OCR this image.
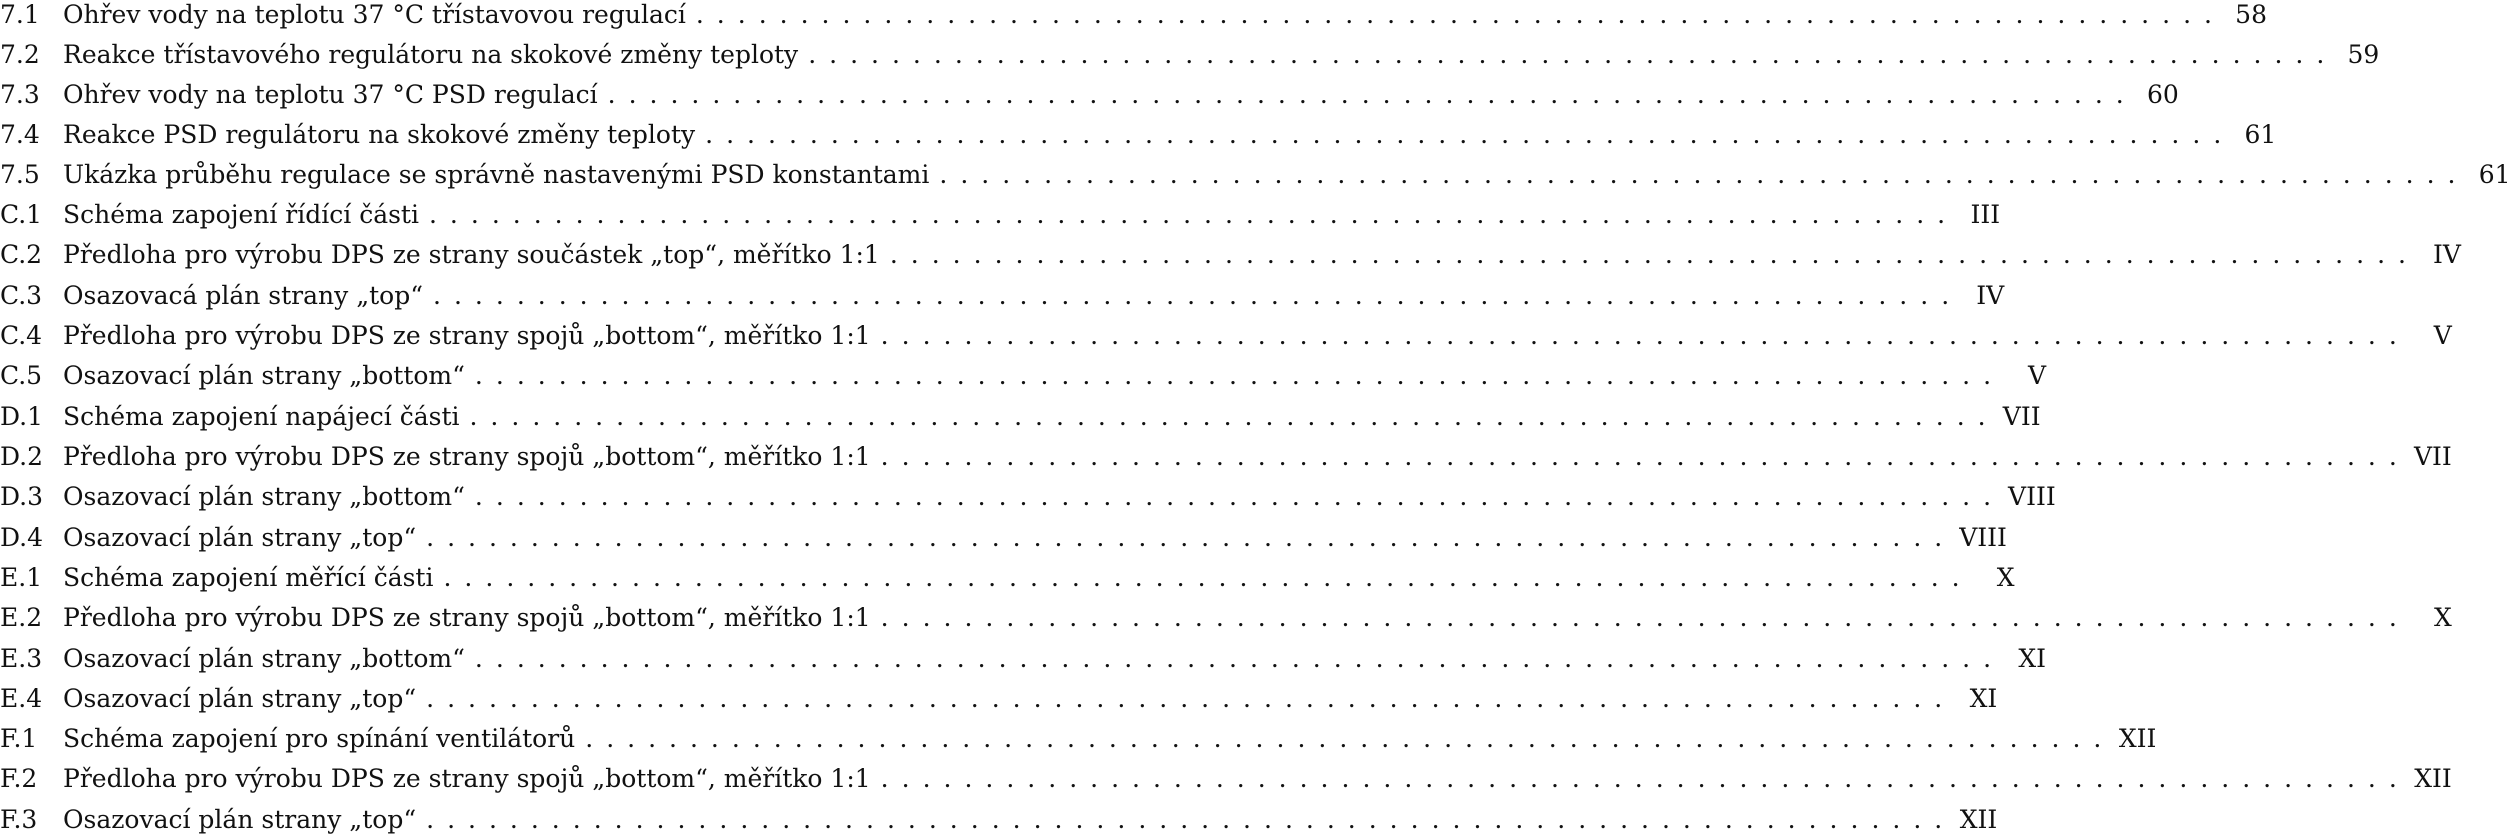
7.1 Ohřev vody na teplotu 37 °C třístavovou regulací ......................................................................... 58
7.2 Reakce třístavového regulátoru na skokové změny teploty ......................................................................... 59
7.3 Ohřev vody na teplotu 37 °C PSD regulací ......................................................................... 60
7.4 Reakce PSD regulátoru na skokové změny teploty ......................................................................... 61
7.5 Ukázka průběhu regulace se správně nastavenými PSD konstantami ......................................................................... 61
C.1 Schéma zapojení řídící části ......................................................................... III
C.2 Předloha pro výrobu DPS ze strany součástek „top“, měřítko 1:1 ......................................................................... IV
C.3 Osazovacá plán strany „top“ ......................................................................... IV
C.4 Předloha pro výrobu DPS ze strany spojů „bottom“, měřítko 1:1 ......................................................................... V
C.5 Osazovací plán strany „bottom“ ......................................................................... V
D.1 Schéma zapojení napájecí části ......................................................................... VII
D.2 Předloha pro výrobu DPS ze strany spojů „bottom“, měřítko 1:1 ......................................................................... VII
D.3 Osazovací plán strany „bottom“ ......................................................................... VIII
D.4 Osazovací plán strany „top“ ......................................................................... VIII
E.1 Schéma zapojení měřící části ......................................................................... X
E.2 Předloha pro výrobu DPS ze strany spojů „bottom“, měřítko 1:1 ......................................................................... X
E.3 Osazovací plán strany „bottom“ ......................................................................... XI
E.4 Osazovací plán strany „top“ ......................................................................... XI
F.1	Schéma zapojení pro spínání ventilátorů ......................................................................... XII
F.2	Předloha pro výrobu DPS ze strany spojů „bottom“, měřítko 1:1 ......................................................................... XII
F.3	Osazovací plán strany „top“ ......................................................................... XII
